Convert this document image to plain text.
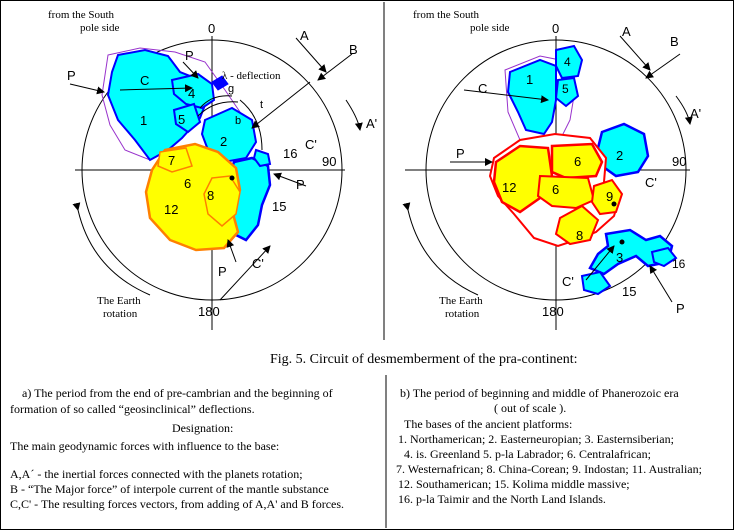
from the South
pole side	0
90
180
A
B
A'
C
C'
C'
P
P
P
P
λ - deflection
g
t
b
1
4
5
2
16
7
6
8
12	15
The Earth
rotation
from the South
pole side	0
90
180
A
B
A'
C
C'
C'
P
P
4
5
1
2
6
12	6	9
8
3	16
15
The Earth
rotation
Fig. 5. Circuit of desmemberment of the pra-continent:
a) The period from the end of pre-cambrian and the beginning of
formation of so called “geosinclinical” deflections.
Designation:
The main geodynamic forces with influence to the base:
A,A´ - the inertial forces connected with the planets rotation;
B - “The Major force” of interpole current of the mantle substance
C,C' - The resulting forces vectors, from adding of A,A' and B forces.
b) The period of beginning and middle of Phanerozoic era
( out of scale ).
The bases of the ancient platforms:
1. Northamerican; 2. Easterneuropian; 3. Easternsiberian;
4. is. Greenland 5. p-la Labrador; 6. Centralafrican;
7. Westernafrican; 8. China-Corean; 9. Indostan; 11. Australian;
12. Southamerican; 15. Kolima middle massive;
16. p-la Taimir and the North Land Islands.
